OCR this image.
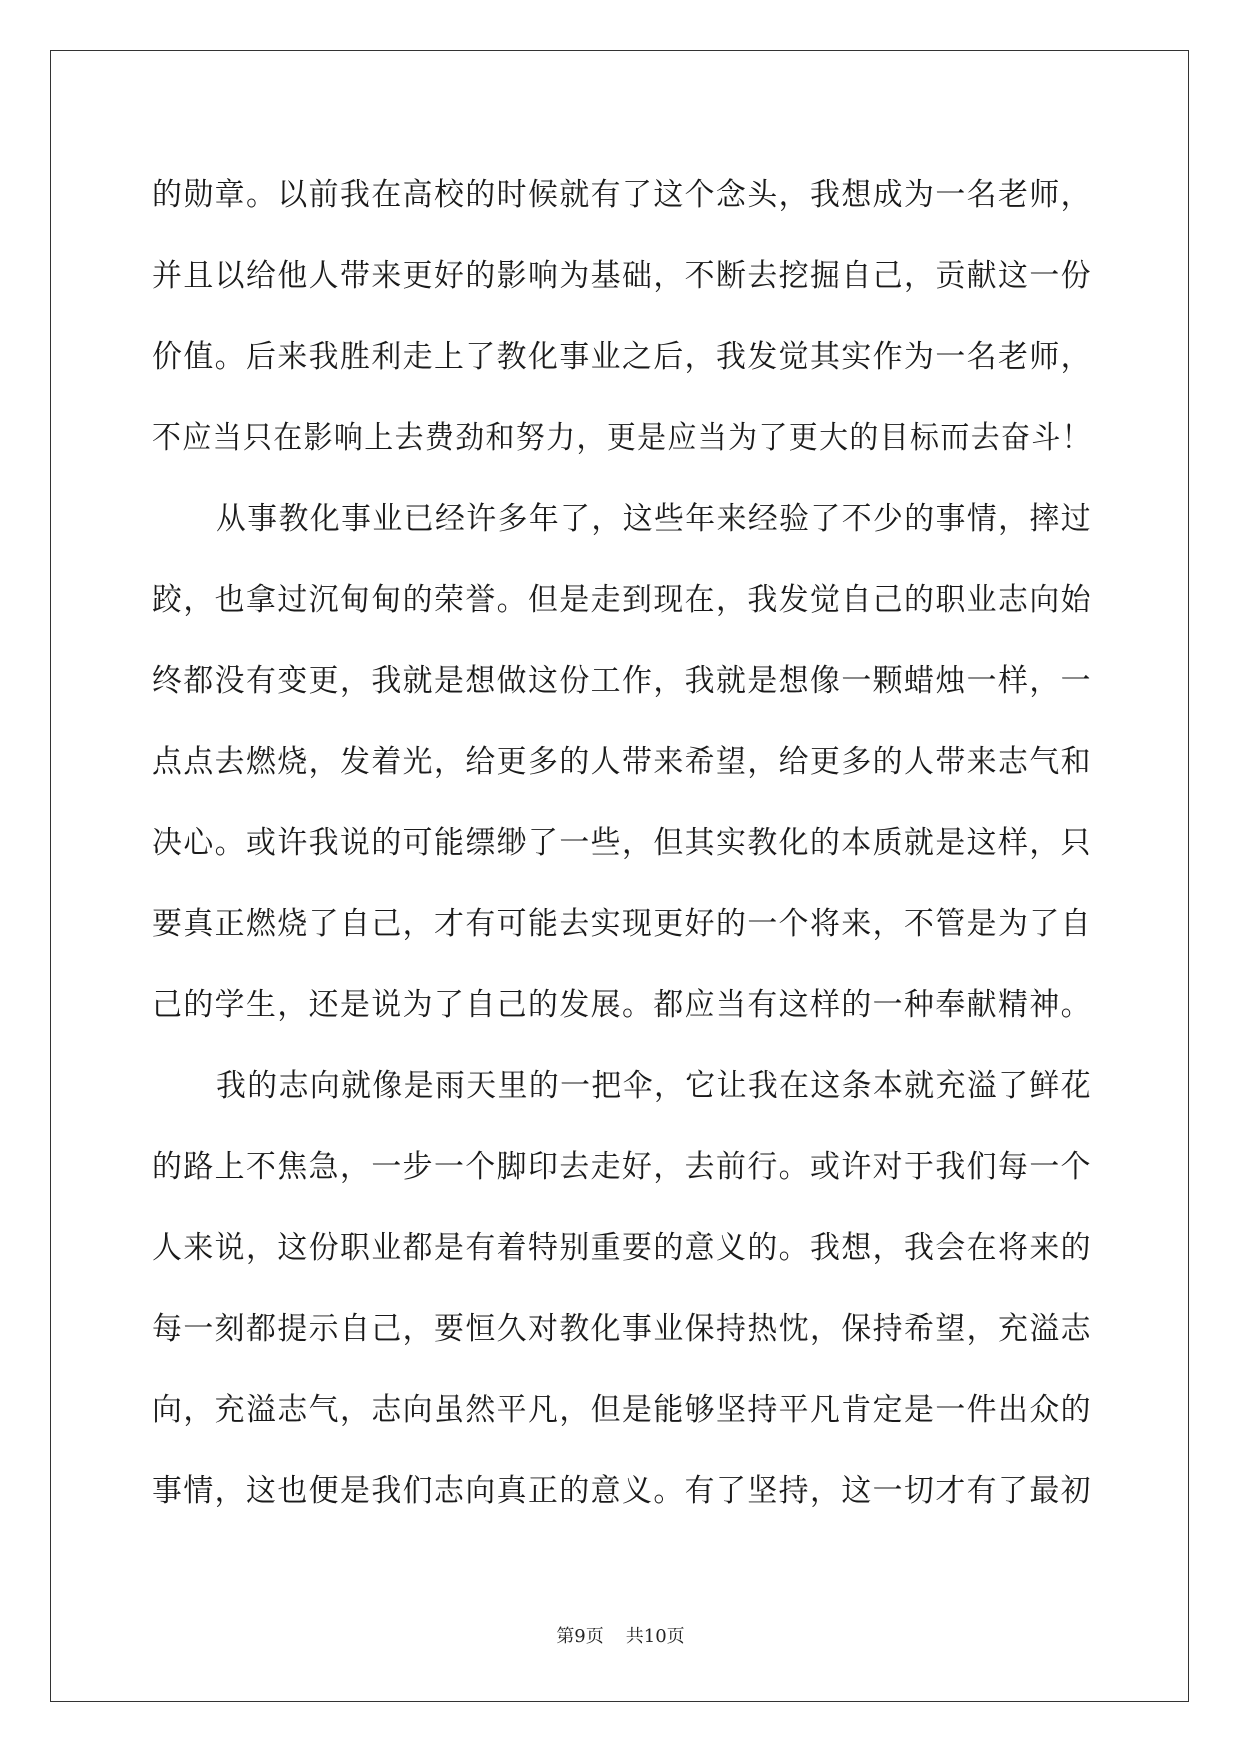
的勋章。以前我在高校的时候就有了这个念头，我想成为一名老师，

并且以给他人带来更好的影响为基础，不断去挖掘自己，贡献这一份

价值。后来我胜利走上了教化事业之后，我发觉其实作为一名老师，

不应当只在影响上去费劲和努力，更是应当为了更大的目标而去奋斗！

从事教化事业已经许多年了，这些年来经验了不少的事情，摔过

跤，也拿过沉甸甸的荣誉。但是走到现在，我发觉自己的职业志向始

终都没有变更，我就是想做这份工作，我就是想像一颗蜡烛一样，一

点点去燃烧，发着光，给更多的人带来希望，给更多的人带来志气和

决心。或许我说的可能缥缈了一些，但其实教化的本质就是这样，只

要真正燃烧了自己，才有可能去实现更好的一个将来，不管是为了自

己的学生，还是说为了自己的发展。都应当有这样的一种奉献精神。

我的志向就像是雨天里的一把伞，它让我在这条本就充溢了鲜花

的路上不焦急，一步一个脚印去走好，去前行。或许对于我们每一个

人来说，这份职业都是有着特别重要的意义的。我想，我会在将来的

每一刻都提示自己，要恒久对教化事业保持热忱，保持希望，充溢志

向，充溢志气，志向虽然平凡，但是能够坚持平凡肯定是一件出众的

事情，这也便是我们志向真正的意义。有了坚持，这一切才有了最初

第9页 共10页
